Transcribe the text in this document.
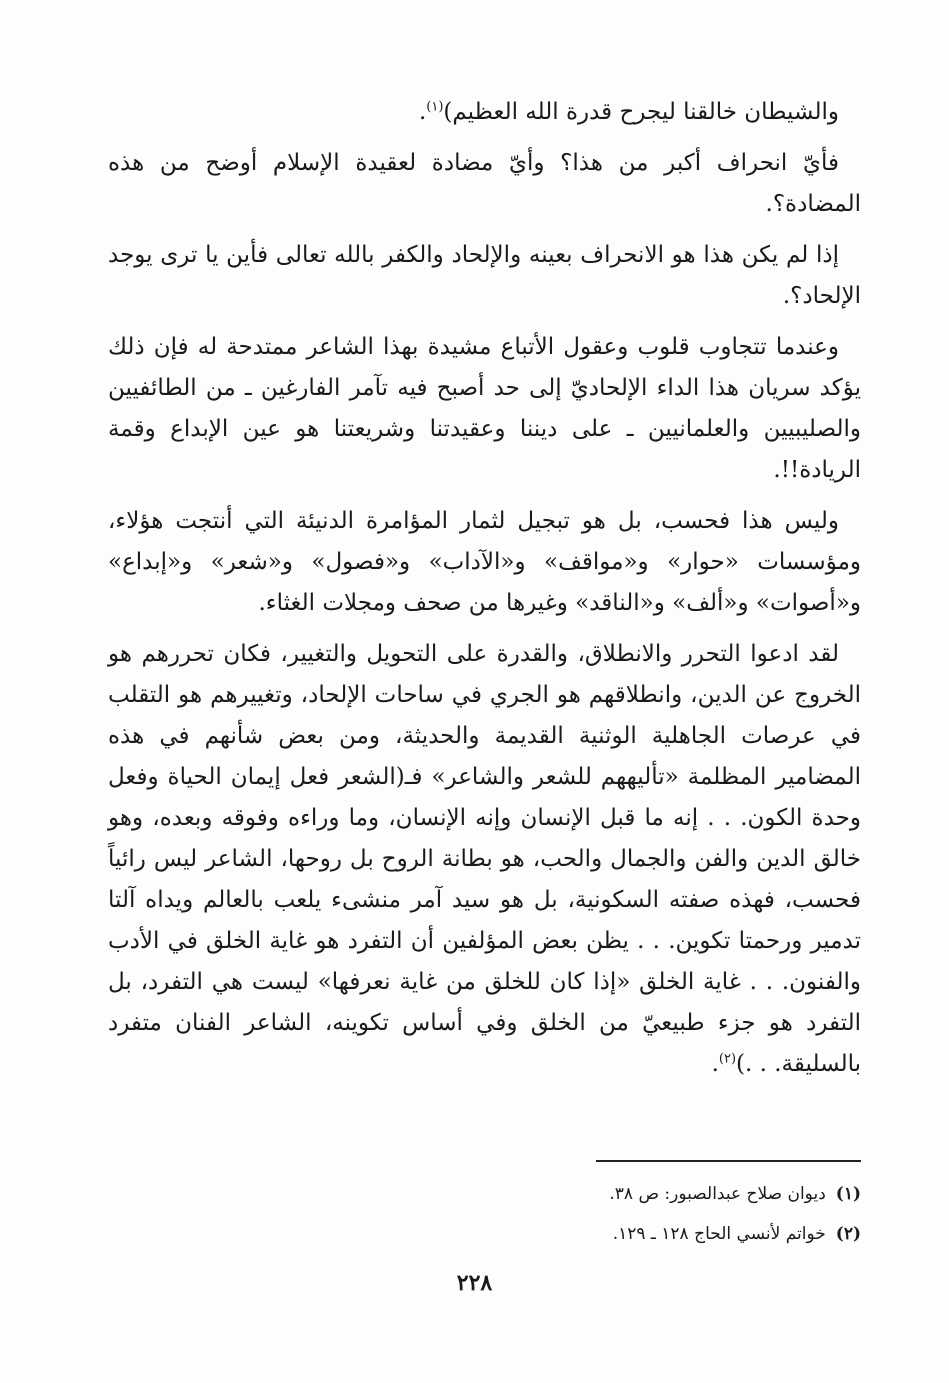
والشيطان خالقنا ليجرح قدرة الله العظيم)$^{(١)}$.

فأيّ انحراف أكبر من هذا؟ وأيّ مضادة لعقيدة الإسلام أوضح من هذه المضادة؟.

إذا لم يكن هذا هو الانحراف بعينه والإلحاد والكفر بالله تعالى فأين يا ترى يوجد الإلحاد؟.

وعندما تتجاوب قلوب وعقول الأتباع مشيدة بهذا الشاعر ممتدحة له فإن ذلك يؤكد سريان هذا الداء الإلحاديّ إلى حد أصبح فيه تآمر الفارغين ـ من الطائفيين والصليبيين والعلمانيين ـ على ديننا وعقيدتنا وشريعتنا هو عين الإبداع وقمة الريادة!!.

وليس هذا فحسب، بل هو تبجيل لثمار المؤامرة الدنيئة التي أنتجت هؤلاء، ومؤسسات «حوار» و«مواقف» و«الآداب» و«فصول» و«شعر» و«إبداع» و«أصوات» و«ألف» و«الناقد» وغيرها من صحف ومجلات الغثاء.

لقد ادعوا التحرر والانطلاق، والقدرة على التحويل والتغيير، فكان تحررهم هو الخروج عن الدين، وانطلاقهم هو الجري في ساحات الإلحاد، وتغييرهم هو التقلب في عرصات الجاهلية الوثنية القديمة والحديثة، ومن بعض شأنهم في هذه المضامير المظلمة «تأليههم للشعر والشاعر» فـ(الشعر فعل إيمان الحياة وفعل وحدة الكون. . . إنه ما قبل الإنسان وإنه الإنسان، وما وراءه وفوقه وبعده، وهو خالق الدين والفن والجمال والحب، هو بطانة الروح بل روحها، الشاعر ليس رائياً فحسب، فهذه صفته السكونية، بل هو سيد آمر منشىء يلعب بالعالم ويداه آلتا تدمير ورحمتا تكوين. . . يظن بعض المؤلفين أن التفرد هو غاية الخلق في الأدب والفنون. . . غاية الخلق «إذا كان للخلق من غاية نعرفها» ليست هي التفرد، بل التفرد هو جزء طبيعيّ من الخلق وفي أساس تكوينه، الشاعر الفنان متفرد بالسليقة. . .)$^{(٢)}$.

(١)ديوان صلاح عبدالصبور: ص ٣٨.
(٢)خواتم لأنسي الحاج ١٢٨ ـ ١٢٩.
٢٢٨
